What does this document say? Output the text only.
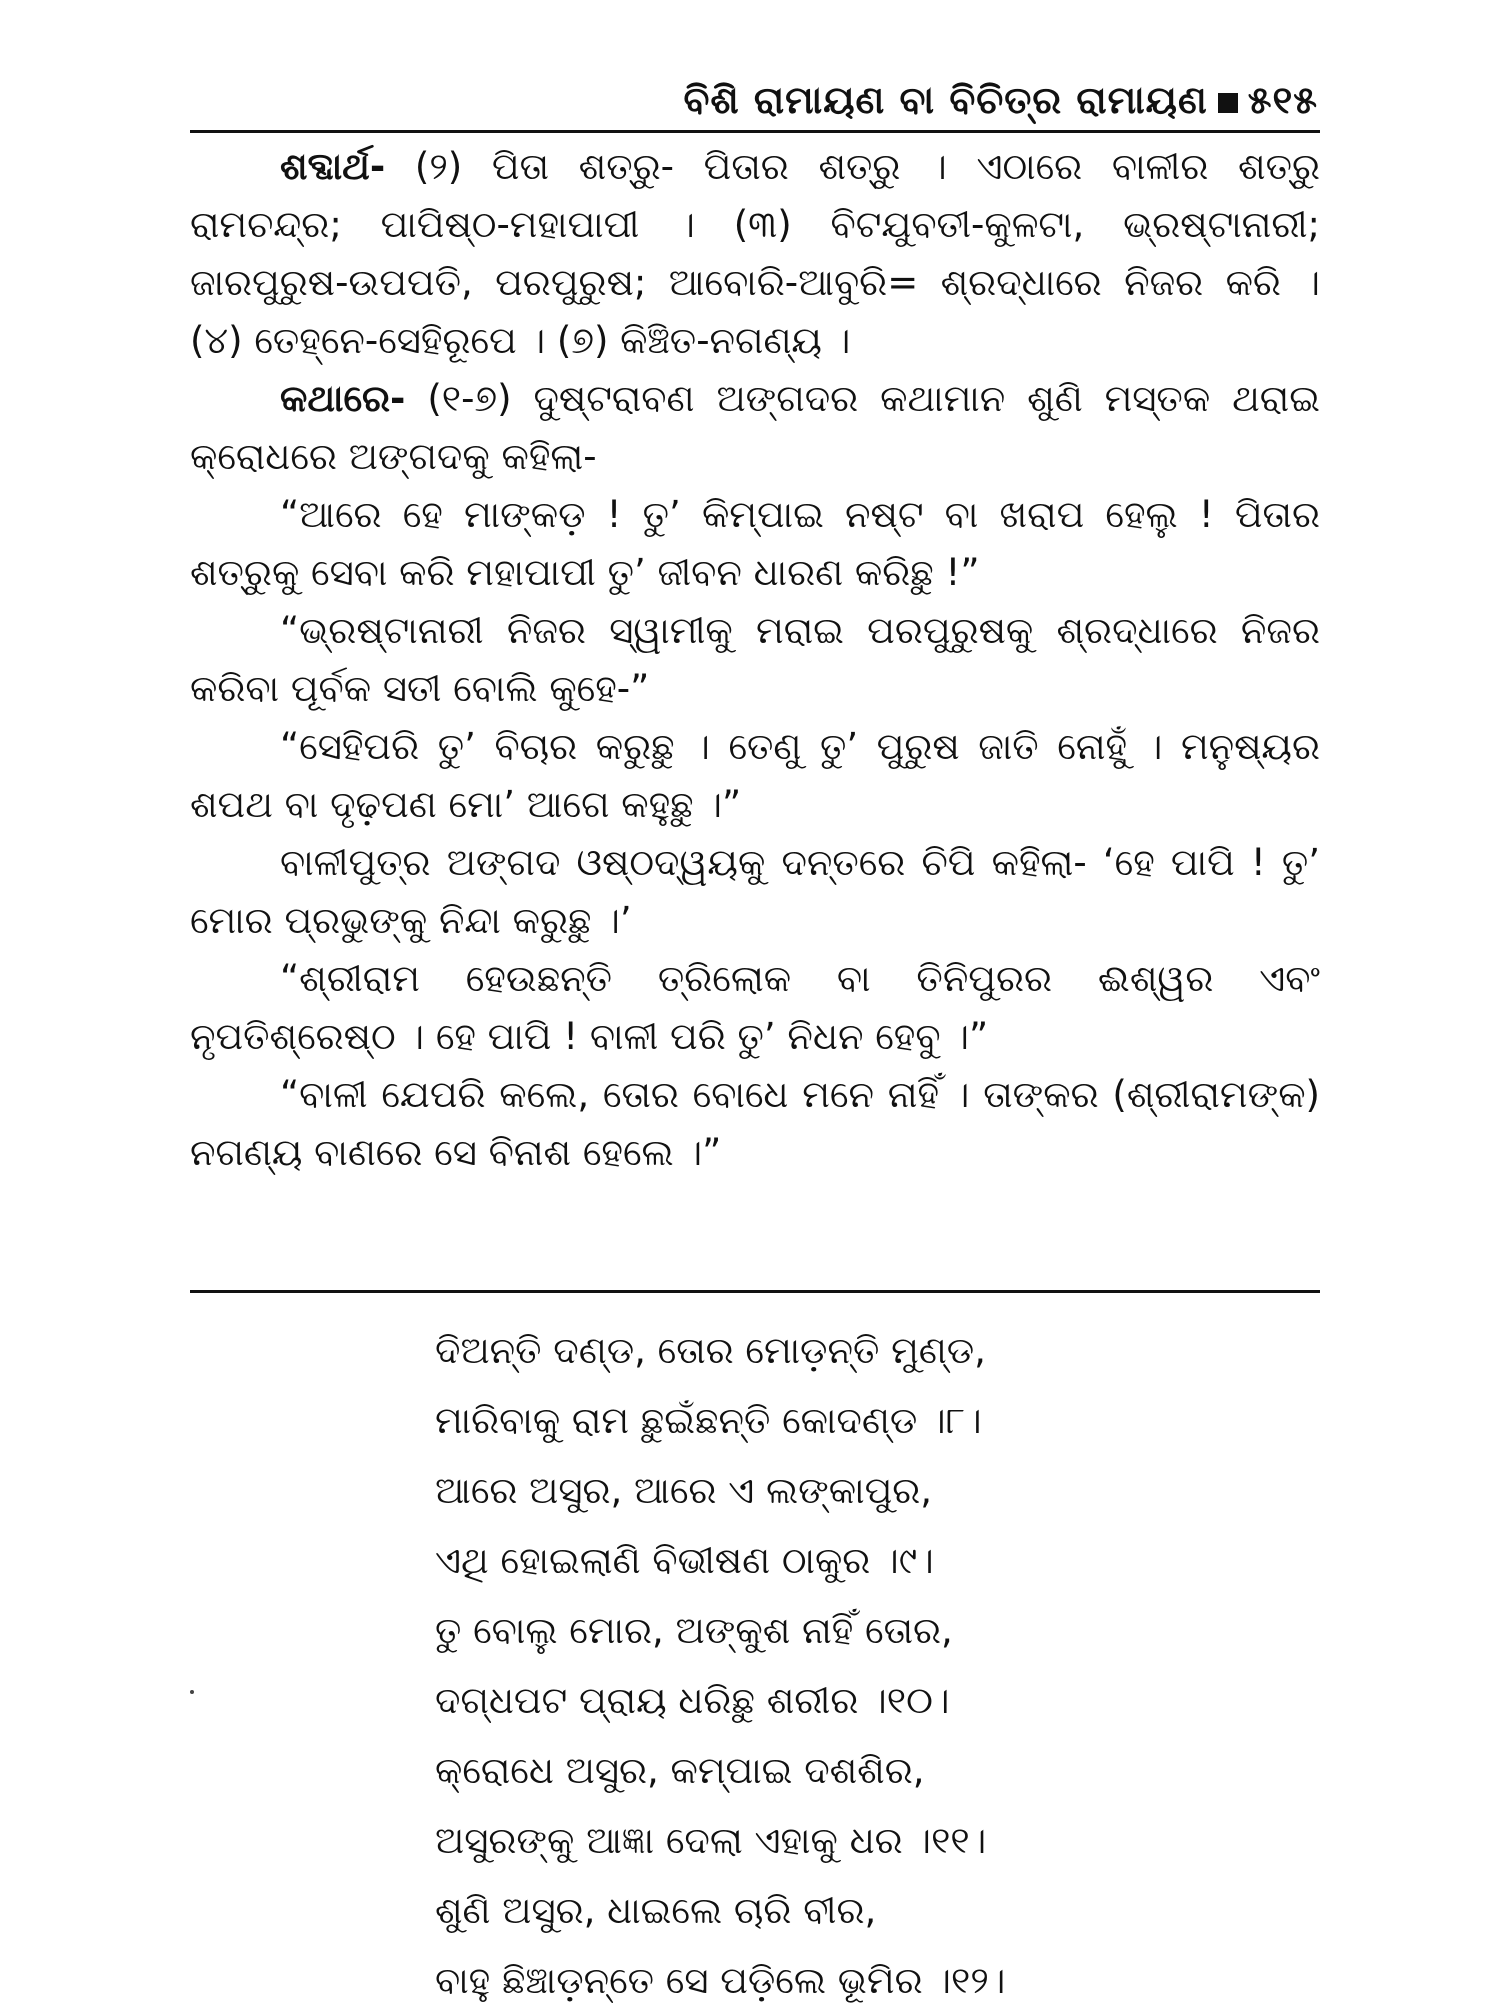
ବିଶି ରାମାୟଣ ବା ବିଚିତ୍ର ରାମାୟଣ ୫୧୫

ଶବ୍ଦାର୍ଥ- (୨) ପିତା ଶତ୍ରୁ- ପିତାର ଶତ୍ରୁ । ଏଠାରେ ବାଳୀର ଶତ୍ରୁ ରାମଚନ୍ଦ୍ର; ପାପିଷ୍ଠ-ମହାପାପୀ । (୩) ବିଟଯୁବତୀ-କୁଳଟା, ଭ୍ରଷ୍ଟାନାରୀ; ଜାରପୁରୁଷ-ଉପପତି, ପରପୁରୁଷ; ଆବୋରି-ଆବୁରି= ଶ୍ରଦ୍ଧାରେ ନିଜର କରି । (୪) ତେହ୍ନେ-ସେହିରୂପେ । (୭) କିଞ୍ଚିତ-ନଗଣ୍ୟ ।

କଥାରେ- (୧-୭) ଦୁଷ୍ଟରାବଣ ଅଙ୍ଗଦର କଥାମାନ ଶୁଣି ମସ୍ତକ ଥରାଇ କ୍ରୋଧରେ ଅଙ୍ଗଦକୁ କହିଲା-

“ଆରେ ହେ ମାଙ୍କଡ଼ ! ତୁ’ କିମ୍ପାଇ ନଷ୍ଟ ବା ଖରାପ ହେଲୁ ! ପିତାର ଶତ୍ରୁକୁ ସେବା କରି ମହାପାପୀ ତୁ’ ଜୀବନ ଧାରଣ କରିଛୁ !”

“ଭ୍ରଷ୍ଟାନାରୀ ନିଜର ସ୍ୱାମୀକୁ ମରାଇ ପରପୁରୁଷକୁ ଶ୍ରଦ୍ଧାରେ ନିଜର କରିବା ପୂର୍ବକ ସତୀ ବୋଲି କୁହେ-”

“ସେହିପରି ତୁ’ ବିଚାର କରୁଛୁ । ତେଣୁ ତୁ’ ପୁରୁଷ ଜାତି ନୋହୁଁ । ମନୁଷ୍ୟର ଶପଥ ବା ଦୃଢ଼ପଣ ମୋ’ ଆଗେ କହୁଛୁ ।”

ବାଳୀପୁତ୍ର ଅଙ୍ଗଦ ଓଷ୍ଠଦ୍ୱୟକୁ ଦନ୍ତରେ ଚିପି କହିଲା- ‘ହେ ପାପି ! ତୁ’ ମୋର ପ୍ରଭୁଙ୍କୁ ନିନ୍ଦା କରୁଛୁ ।’

“ଶ୍ରୀରାମ ହେଉଛନ୍ତି ତ୍ରିଲୋକ ବା ତିନିପୁରର ଈଶ୍ୱର ଏବଂ ନୃପତିଶ୍ରେଷ୍ଠ । ହେ ପାପି ! ବାଳୀ ପରି ତୁ’ ନିଧନ ହେବୁ ।”

“ବାଳୀ ଯେପରି କଲେ, ତୋର ବୋଧେ ମନେ ନାହିଁ । ତାଙ୍କର (ଶ୍ରୀରାମଙ୍କ) ନଗଣ୍ୟ ବାଣରେ ସେ ବିନାଶ ହେଲେ ।”

ଦିଅନ୍ତି ଦଣ୍ଡ, ତୋର ମୋଡ଼ନ୍ତି ମୁଣ୍ଡ,
ମାରିବାକୁ ରାମ ଛୁଇଁଛନ୍ତି କୋଦଣ୍ଡ ।୮।
ଆରେ ଅସୁର, ଆରେ ଏ ଲଙ୍କାପୁର,
ଏଥି ହୋଇଲାଣି ବିଭୀଷଣ ଠାକୁର ।୯।
ତୁ ବୋଲୁ ମୋର, ଅଙ୍କୁଶ ନାହିଁ ତୋର,
ଦଗ୍ଧପଟ ପ୍ରାୟ ଧରିଛୁ ଶରୀର ।୧୦।
କ୍ରୋଧେ ଅସୁର, କମ୍ପାଇ ଦଶଶିର,
ଅସୁରଙ୍କୁ ଆଜ୍ଞା ଦେଲା ଏହାକୁ ଧର ।୧୧।
ଶୁଣି ଅସୁର, ଧାଇଲେ ଚାରି ବୀର,
ବାହୁ ଛିଞ୍ଚାଡ଼ନ୍ତେ ସେ ପଡ଼ିଲେ ଭୂମିର ।୧୨।
